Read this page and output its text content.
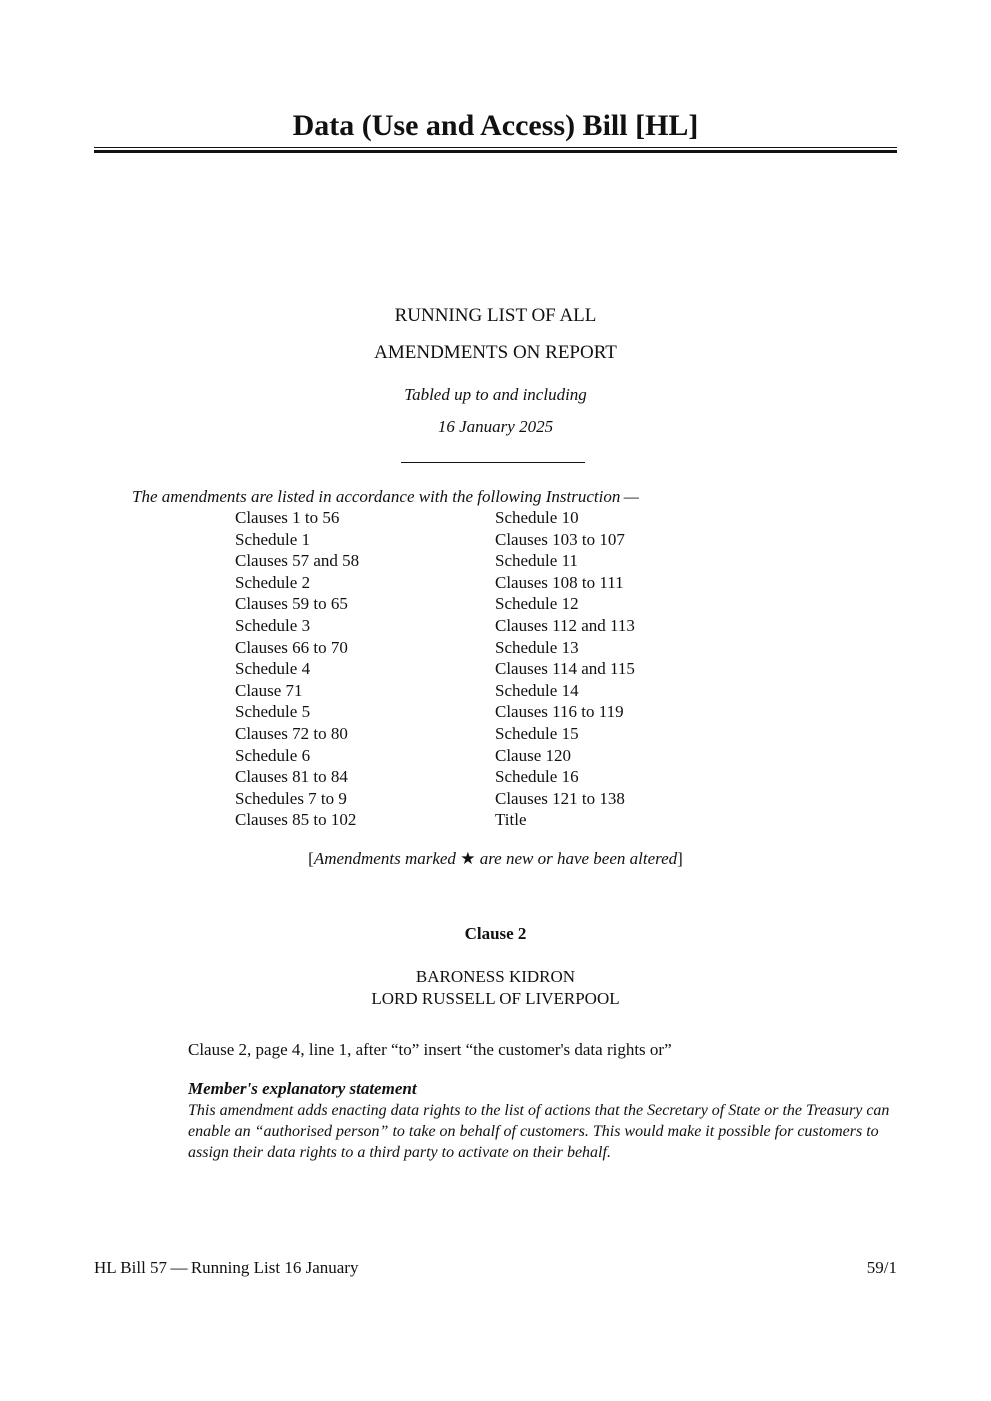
Data (Use and Access) Bill [HL]
RUNNING LIST OF ALL
AMENDMENTS ON REPORT
Tabled up to and including
16 January 2025
The amendments are listed in accordance with the following Instruction —
Clauses 1 to 56
Schedule 1
Clauses 57 and 58
Schedule 2
Clauses 59 to 65
Schedule 3
Clauses 66 to 70
Schedule 4
Clause 71
Schedule 5
Clauses 72 to 80
Schedule 6
Clauses 81 to 84
Schedules 7 to 9
Clauses 85 to 102
Schedule 10
Clauses 103 to 107
Schedule 11
Clauses 108 to 111
Schedule 12
Clauses 112 and 113
Schedule 13
Clauses 114 and 115
Schedule 14
Clauses 116 to 119
Schedule 15
Clause 120
Schedule 16
Clauses 121 to 138
Title
[Amendments marked ★ are new or have been altered]
Clause 2
BARONESS KIDRON
LORD RUSSELL OF LIVERPOOL
Clause 2, page 4, line 1, after “to” insert “the customer's data rights or”
Member's explanatory statement
This amendment adds enacting data rights to the list of actions that the Secretary of State or the Treasury can enable an “authorised person” to take on behalf of customers. This would make it possible for customers to assign their data rights to a third party to activate on their behalf.
HL Bill 57 — Running List 16 January	59/1
